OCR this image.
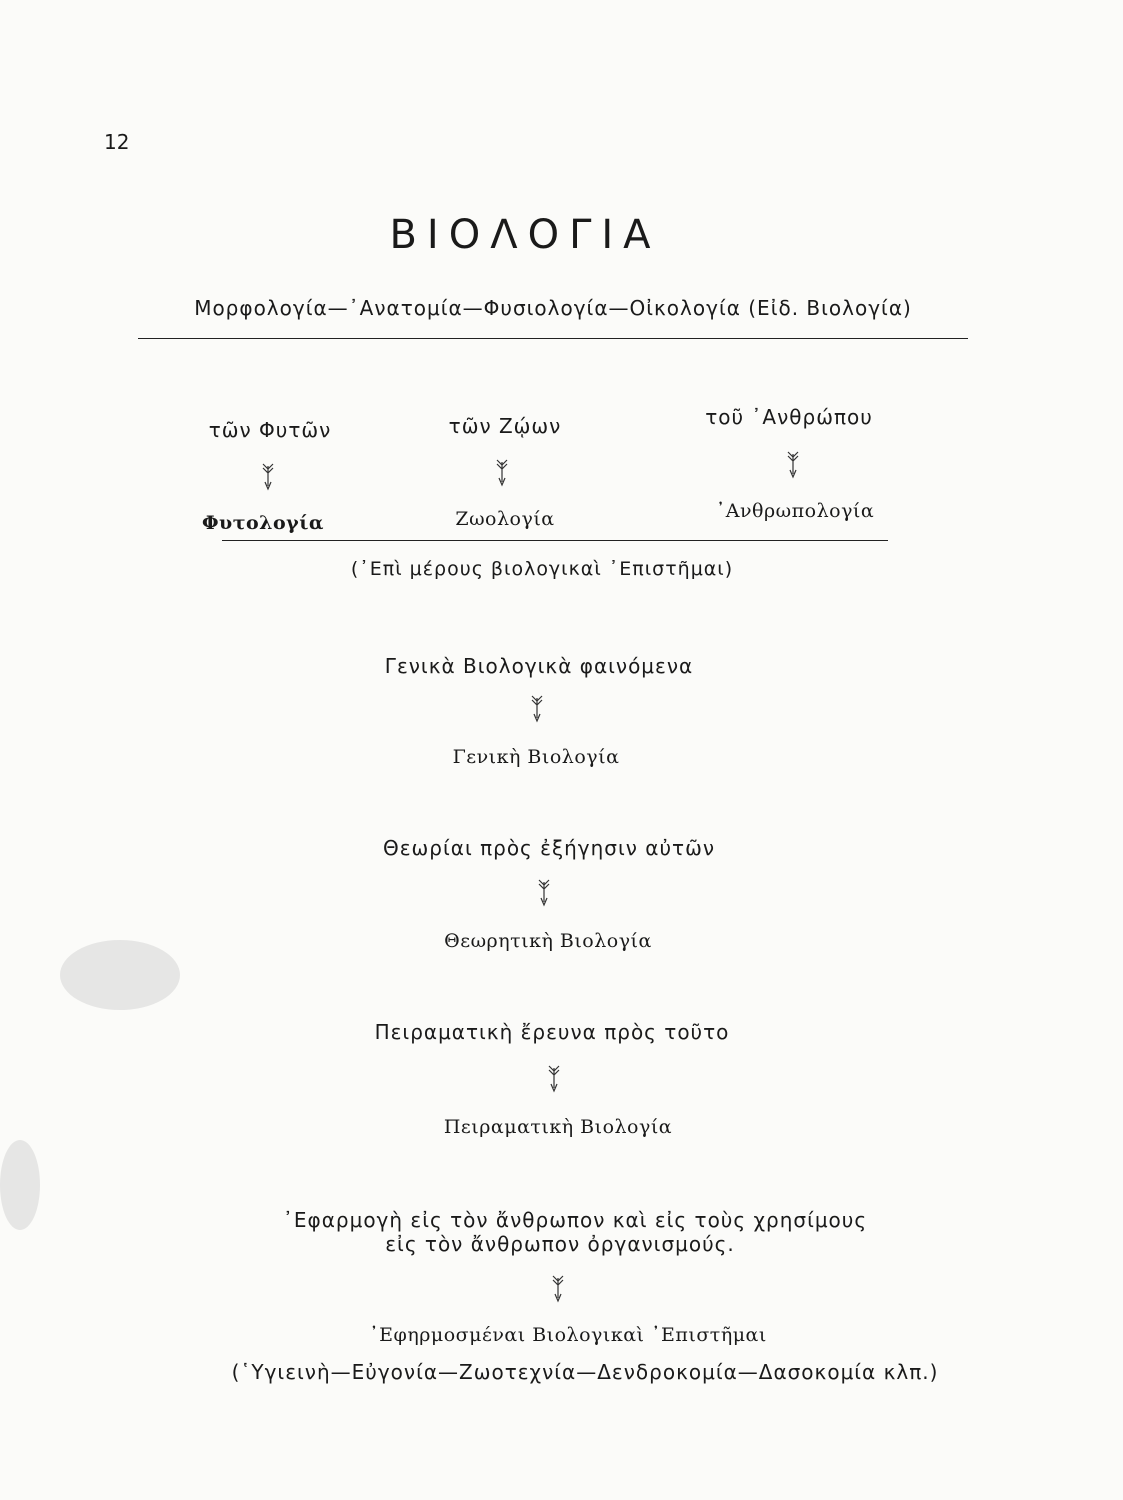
12
ΒΙΟΛΟΓΙΑ
Μορφολογία—᾿Ανατομία—Φυσιολογία—Οἰκολογία (Εἰδ. Βιολογία)
τῶν Φυτῶν	τῶν Ζῴων	τοῦ ᾿Ανθρώπου
Φυτολογία	Ζωολογία	᾿Ανθρωπολογία
(᾿Επὶ μέρους βιολογικαὶ ᾿Επιστῆμαι)
Γενικὰ Βιολογικὰ φαινόμενα
Γενικὴ Βιολογία
Θεωρίαι πρὸς ἐξήγησιν αὐτῶν
Θεωρητικὴ Βιολογία
Πειραματικὴ ἔρευνα πρὸς τοῦτο
Πειραματικὴ Βιολογία
᾿Εφαρμογὴ εἰς τὸν ἄνθρωπον καὶ εἰς τοὺς χρησίμους
εἰς τὸν ἄνθρωπον ὀργανισμούς.
᾿Εφηρμοσμέναι Βιολογικαὶ ᾿Επιστῆμαι
(῾Υγιεινὴ—Εὐγονία—Ζωοτεχνία—Δενδροκομία—Δασοκομία κλπ.)
